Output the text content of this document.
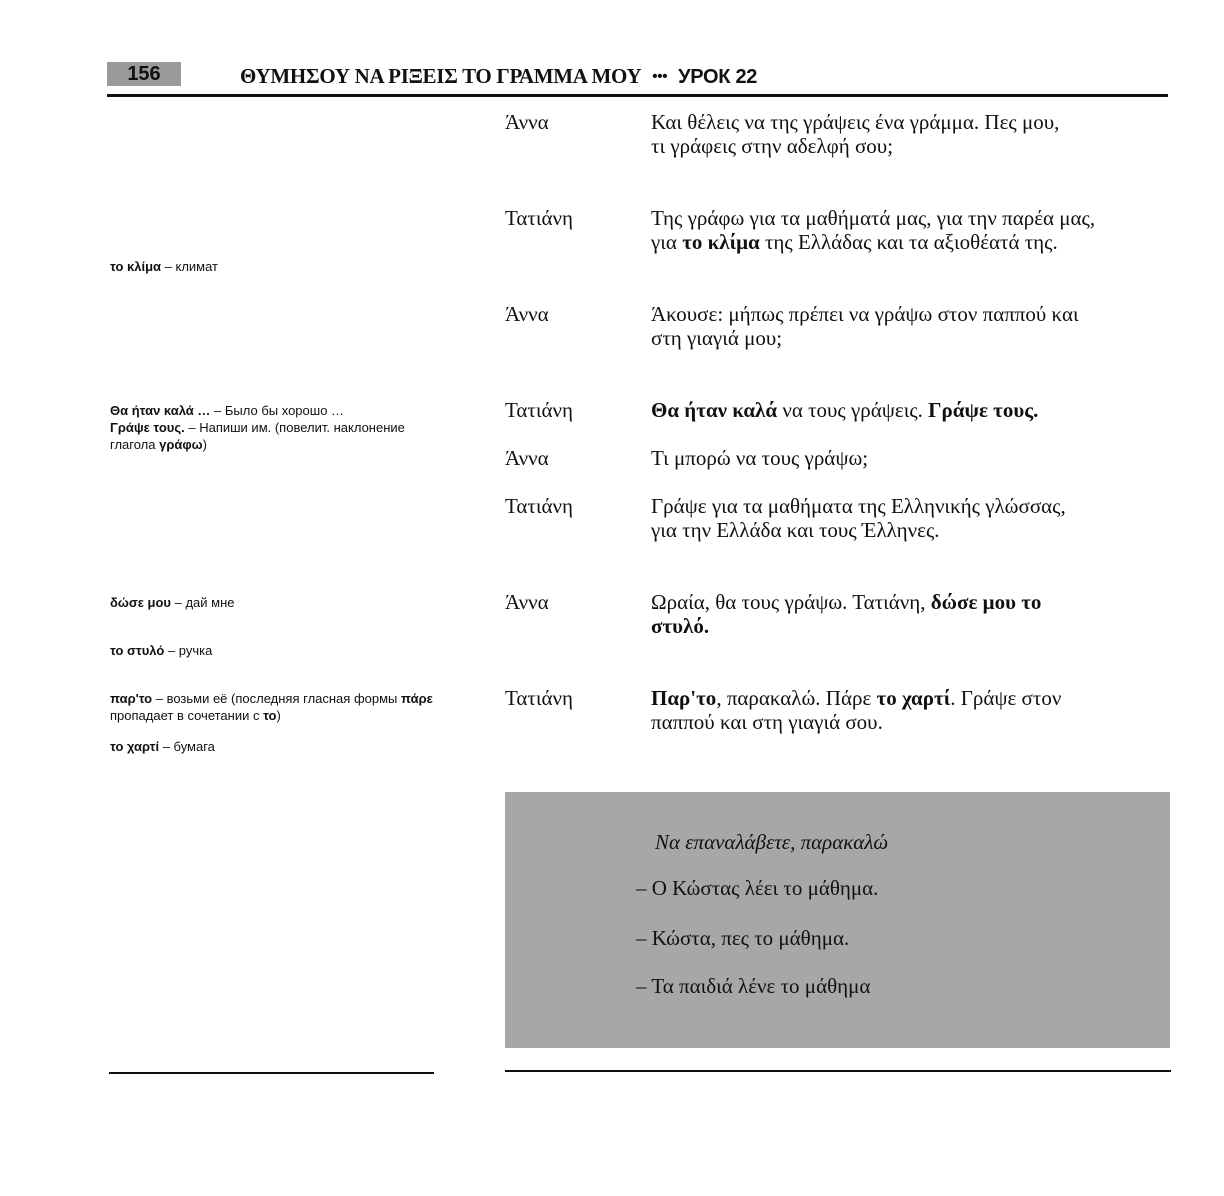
156	ΘΥΜΗΣΟΥ ΝΑ ΡΙΞΕΙΣ ΤΟ ΓΡΑΜΜΑ ΜΟΥ ••• УРОК 22
το κλίμα – климат
Θα ήταν καλά … – Было бы хорошо …
Γράψε τους. – Напиши им. (повелит. наклонение глагола γράφω)
δώσε μου – дай мне
το στυλό – ручка
παρ'το – возьми её (последняя гласная формы πάρε пропадает в сочетании с το)
το χαρτί – бумага
Άννα	Και θέλεις να της γράψεις ένα γράμμα. Πες μου,
τι γράφεις στην αδελφή σου;
Τατιάνη	Της γράφω για τα μαθήματά μας, για την παρέα μας,
για το κλίμα της Ελλάδας και τα αξιοθέατά της.
Άννα	Άκουσε: μήπως πρέπει να γράψω στον παππού και
στη γιαγιά μου;
Τατιάνη	Θα ήταν καλά να τους γράψεις. Γράψε τους.
Άννα	Τι μπορώ να τους γράψω;
Τατιάνη	Γράψε για τα μαθήματα της Ελληνικής γλώσσας,
για την Ελλάδα και τους Έλληνες.
Άννα	Ωραία, θα τους γράψω. Τατιάνη, δώσε μου το
στυλό.
Τατιάνη	Παρ'το, παρακαλώ. Πάρε το χαρτί. Γράψε στον
παππού και στη γιαγιά σου.
Να επαναλάβετε, παρακαλώ
– Ο Κώστας λέει το μάθημα.
– Κώστα, πες το μάθημα.
– Τα παιδιά λένε το μάθημα
